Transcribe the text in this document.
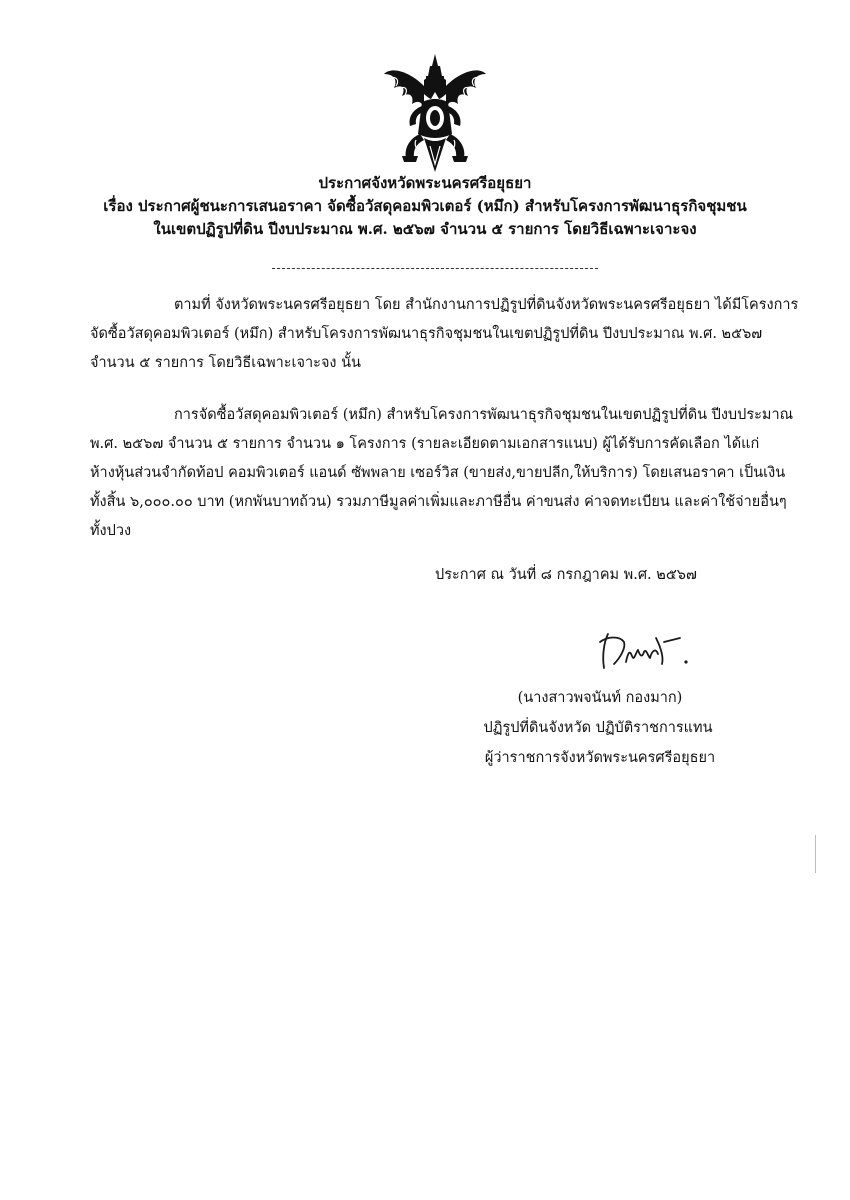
ประกาศจังหวัดพระนครศรีอยุธยา
เรื่อง ประกาศผู้ชนะการเสนอราคา จัดซื้อวัสดุคอมพิวเตอร์ (หมึก) สำหรับโครงการพัฒนาธุรกิจชุมชน
ในเขตปฏิรูปที่ดิน ปีงบประมาณ พ.ศ. ๒๕๖๗ จำนวน ๕ รายการ โดยวิธีเฉพาะเจาะจง
ตามที่ จังหวัดพระนครศรีอยุธยา โดย สำนักงานการปฏิรูปที่ดินจังหวัดพระนครศรีอยุธยา ได้มีโครงการ
จัดซื้อวัสดุคอมพิวเตอร์ (หมึก) สำหรับโครงการพัฒนาธุรกิจชุมชนในเขตปฏิรูปที่ดิน ปีงบประมาณ พ.ศ. ๒๕๖๗
จำนวน ๕ รายการ โดยวิธีเฉพาะเจาะจง นั้น
การจัดซื้อวัสดุคอมพิวเตอร์ (หมึก) สำหรับโครงการพัฒนาธุรกิจชุมชนในเขตปฏิรูปที่ดิน ปีงบประมาณ
พ.ศ. ๒๕๖๗ จำนวน ๕ รายการ จำนวน ๑ โครงการ (รายละเอียดตามเอกสารแนบ) ผู้ได้รับการคัดเลือก ได้แก่
ห้างหุ้นส่วนจำกัดท้อป คอมพิวเตอร์ แอนด์ ซัพพลาย เซอร์วิส (ขายส่ง,ขายปลีก,ให้บริการ) โดยเสนอราคา เป็นเงิน
ทั้งสิ้น ๖,๐๐๐.๐๐ บาท (หกพันบาทถ้วน) รวมภาษีมูลค่าเพิ่มและภาษีอื่น ค่าขนส่ง ค่าจดทะเบียน และค่าใช้จ่ายอื่นๆ
ทั้งปวง
ประกาศ ณ วันที่ ๘ กรกฎาคม พ.ศ. ๒๕๖๗
(นางสาวพจนันท์ กองมาก)
ปฏิรูปที่ดินจังหวัด ปฏิบัติราชการแทน
ผู้ว่าราชการจังหวัดพระนครศรีอยุธยา
